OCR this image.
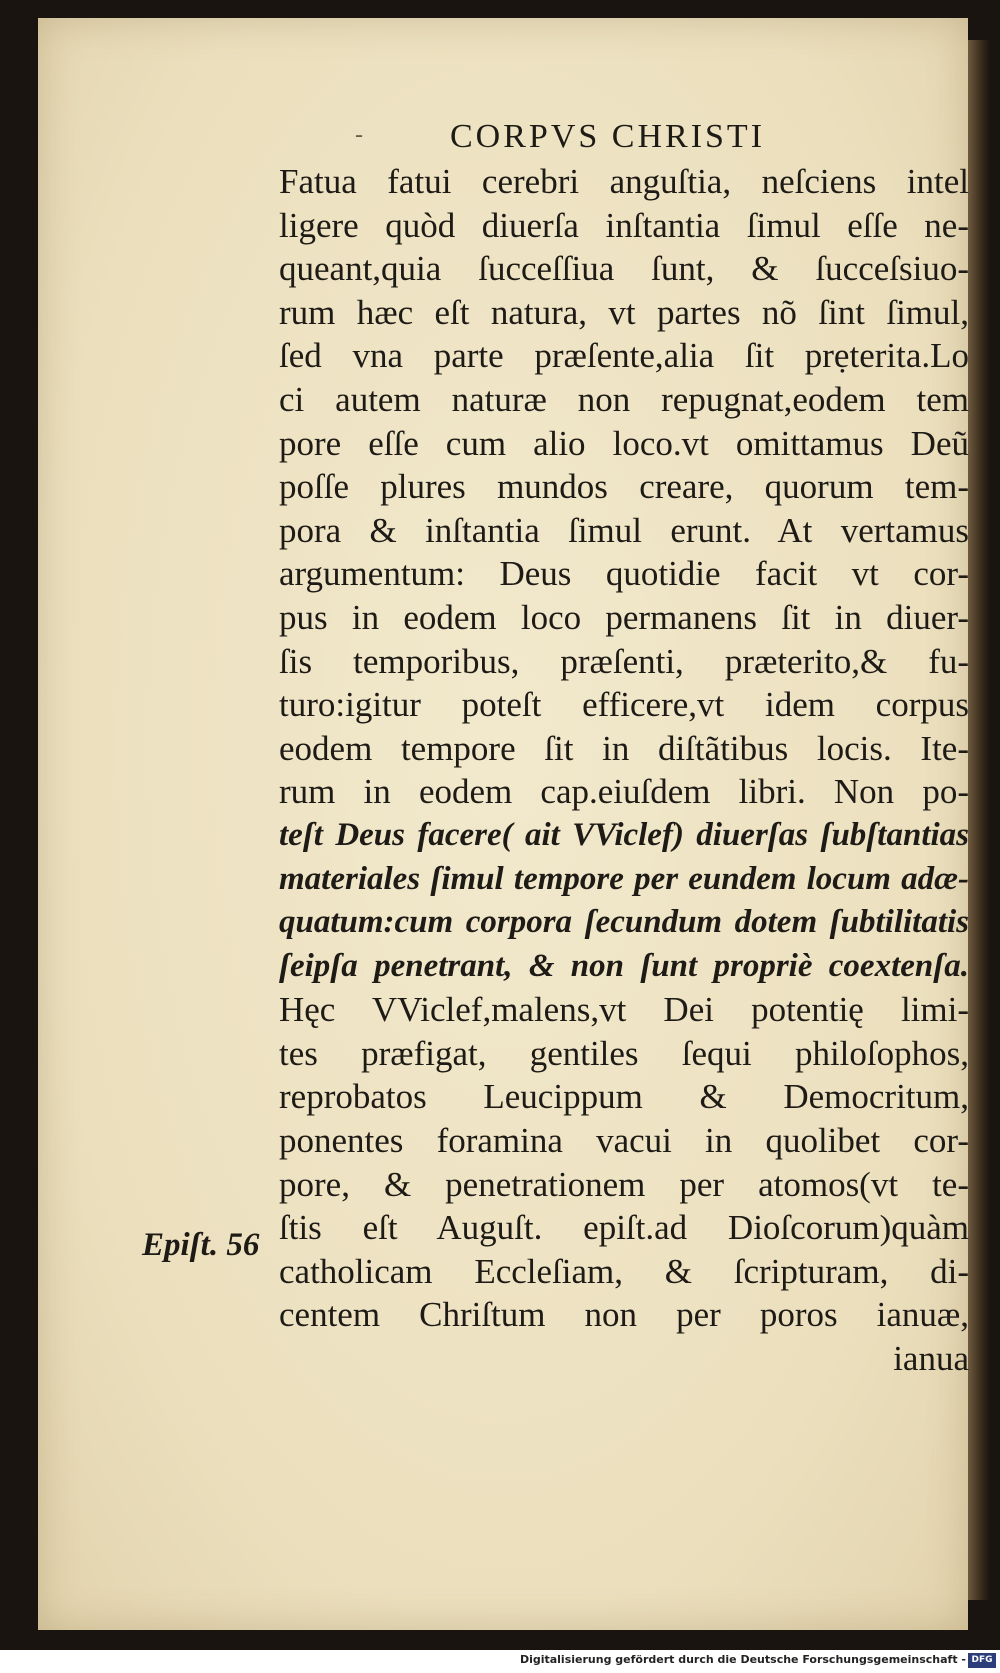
-	CORPVS CHRISTI
Fatua fatui cerebri anguſtia, neſciens intel
ligere quòd diuerſa inſtantia ſimul eſſe ne-
queant,quia ſucceſſiua ſunt, & ſucceſsiuo-
rum hæc eſt natura, vt partes nõ ſint ſimul,
ſed vna parte præſente,alia ſit prẹterita.Lo
ci autem naturæ non repugnat,eodem tem
pore eſſe cum alio loco.vt omittamus Deũ
poſſe plures mundos creare, quorum tem-
pora & inſtantia ſimul erunt. At vertamus
argumentum: Deus quotidie facit vt cor-
pus in eodem loco permanens ſit in diuer-
ſis temporibus, præſenti, præterito,& fu-
turo:igitur poteſt efficere,vt idem corpus
eodem tempore ſit in diſtãtibus locis. Ite-
rum in eodem cap.eiuſdem libri. Non po-
teſt Deus facere( ait VViclef) diuerſas ſubſtantias
materiales ſimul tempore per eundem locum adæ-
quatum:cum corpora ſecundum dotem ſubtilitatis
ſeipſa penetrant, & non ſunt propriè coextenſa.
Hęc VViclef,malens,vt Dei potentię limi-
tes præfigat, gentiles ſequi philoſophos,
reprobatos Leucippum & Democritum,
ponentes foramina vacui in quolibet cor-
pore, & penetrationem per atomos(vt te-
ſtis eſt Auguſt. epiſt.ad Dioſcorum)quàm
catholicam Eccleſiam, & ſcripturam, di-
centem Chriſtum non per poros ianuæ,
ianua
Epiſt. 56
Digitalisierung gefördert durch die Deutsche Forschungsgemeinschaft - DFG
